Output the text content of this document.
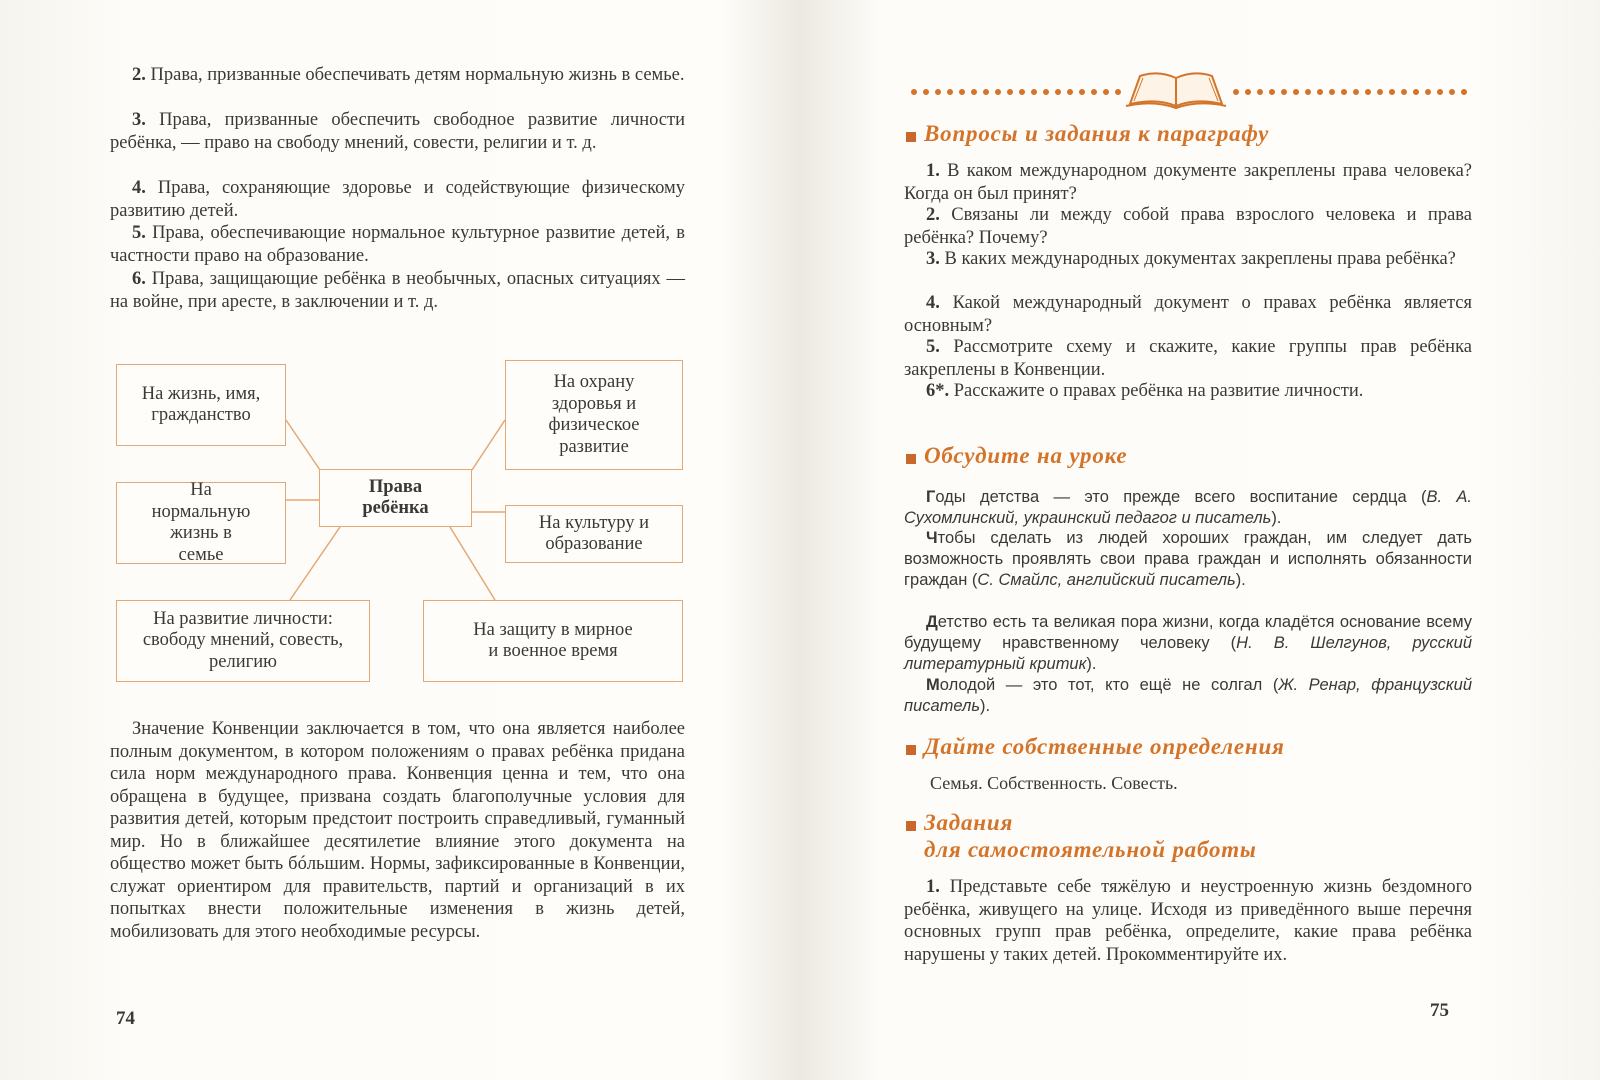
2. Права, призванные обеспечивать детям нормальную жизнь в семье.
3. Права, призванные обеспечить свободное развитие личности ребёнка, — право на свободу мнений, совести, религии и т. д.
4. Права, сохраняющие здоровье и содействующие физическому развитию детей.
5. Права, обеспечивающие нормальное культурное развитие детей, в частности право на образование.
6. Права, защищающие ребёнка в необычных, опасных ситуациях — на войне, при аресте, в заключении и т. д.
Права ребёнка
На жизнь, имя, гражданство
На нормальную жизнь в семье
На развитие личности: свободу мнений, совесть, религию
На охрану здоровья и физическое развитие
На культуру и образование
На защиту в мирное и военное время
Значение Конвенции заключается в том, что она является наиболее полным документом, в котором положениям о правах ребёнка придана сила норм международного права. Конвенция ценна и тем, что она обращена в будущее, призвана создать благополучные условия для развития детей, которым предстоит построить справедливый, гуманный мир. Но в ближайшее десятилетие влияние этого документа на общество может быть бóльшим. Нормы, зафиксированные в Конвенции, служат ориентиром для правительств, партий и организаций в их попытках внести положительные изменения в жизнь детей, мобилизовать для этого необходимые ресурсы.
74
Вопросы и задания к параграфу
1. В каком международном документе закреплены права человека? Когда он был принят?
2. Связаны ли между собой права взрослого человека и права ребёнка? Почему?
3. В каких международных документах закреплены права ребёнка?
4. Какой международный документ о правах ребёнка является основным?
5. Рассмотрите схему и скажите, какие группы прав ребёнка закреплены в Конвенции.
6*. Расскажите о правах ребёнка на развитие личности.
Обсудите на уроке
Годы детства — это прежде всего воспитание сердца (В. А. Сухомлинский, украинский педагог и писатель).
Чтобы сделать из людей хороших граждан, им следует дать возможность проявлять свои права граждан и исполнять обязанности граждан (С. Смайлс, английский писатель).
Детство есть та великая пора жизни, когда кладётся основание всему будущему нравственному человеку (Н. В. Шелгунов, русский литературный критик).
Молодой — это тот, кто ещё не солгал (Ж. Ренар, французский писатель).
Дайте собственные определения
Семья. Собственность. Совесть.
Задания
для самостоятельной работы
1. Представьте себе тяжёлую и неустроенную жизнь бездомного ребёнка, живущего на улице. Исходя из приведённого выше перечня основных групп прав ребёнка, определите, какие права ребёнка нарушены у таких детей. Прокомментируйте их.
75
